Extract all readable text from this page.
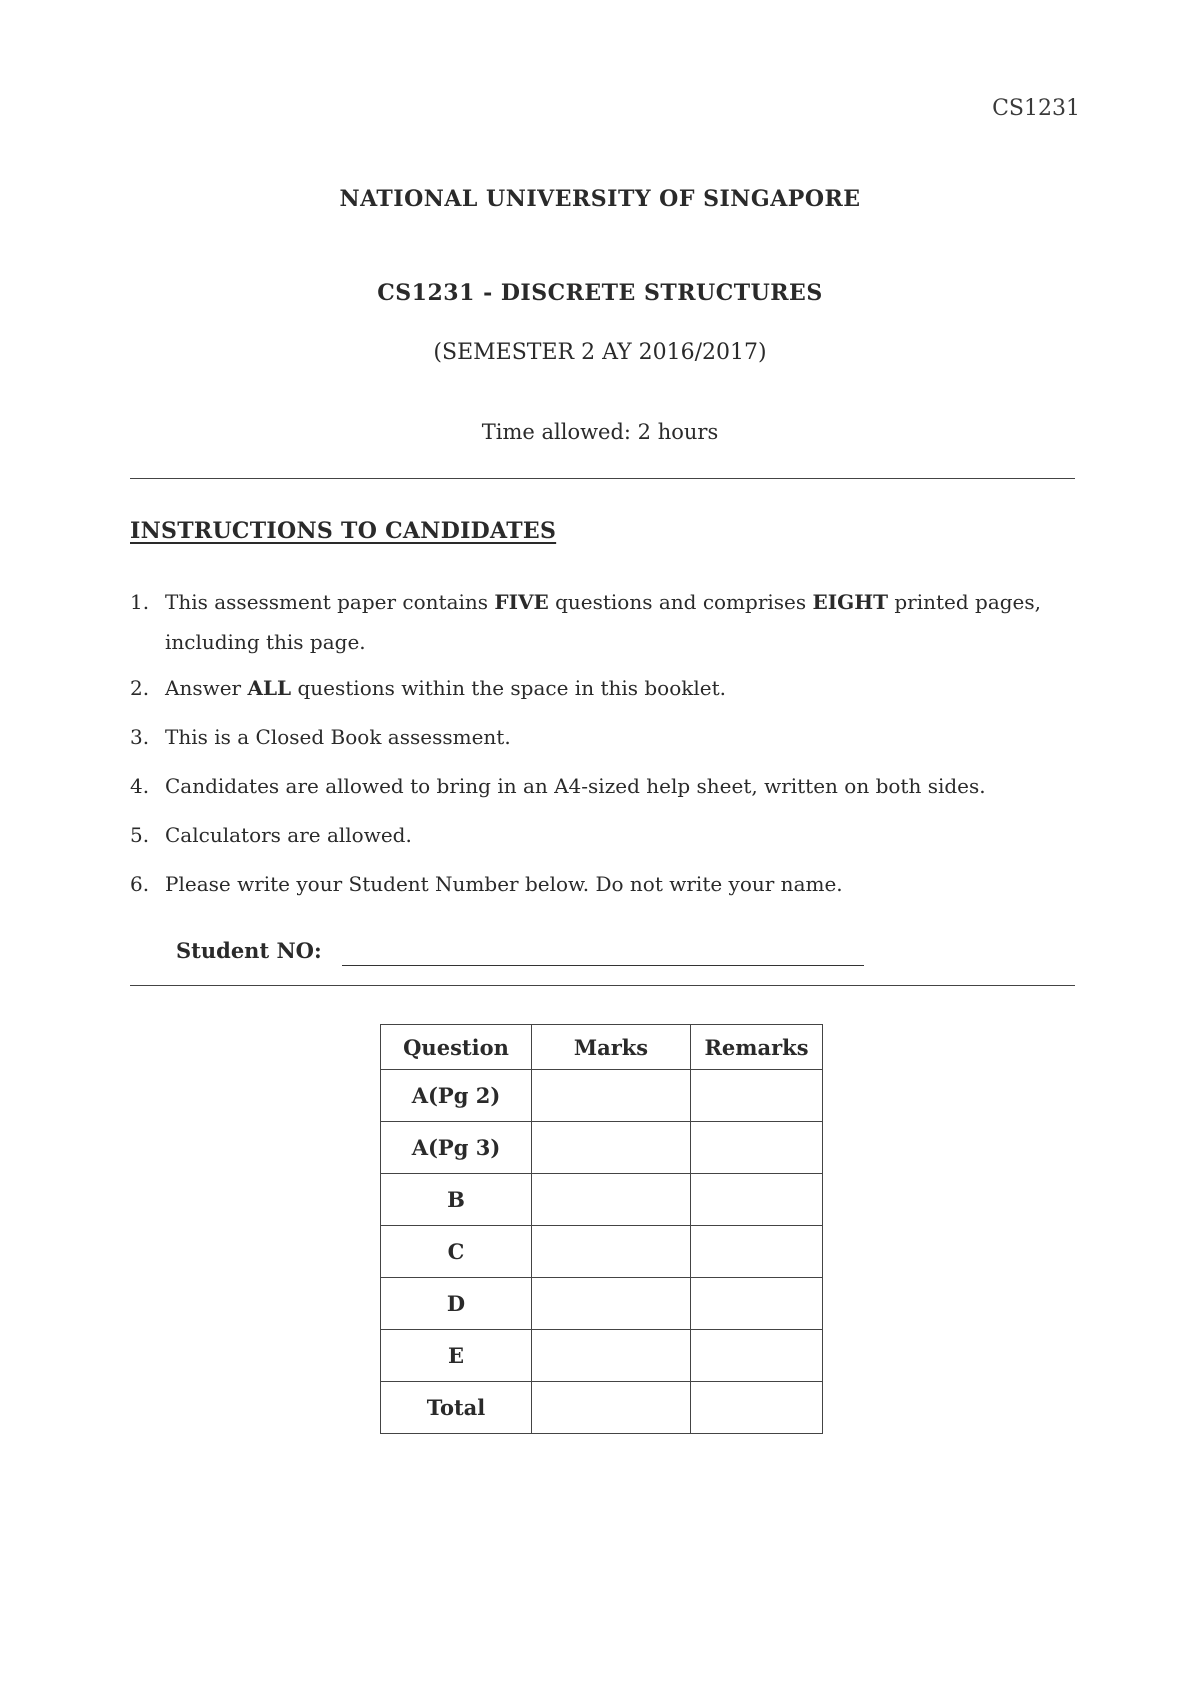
CS1231
NATIONAL UNIVERSITY OF SINGAPORE
CS1231 - DISCRETE STRUCTURES
(SEMESTER 2 AY 2016/2017)
Time allowed: 2 hours
INSTRUCTIONS TO CANDIDATES
1. This assessment paper contains FIVE questions and comprises EIGHT printed pages,
including this page.
2. Answer ALL questions within the space in this booklet.
3. This is a Closed Book assessment.
4. Candidates are allowed to bring in an A4-sized help sheet, written on both sides.
5. Calculators are allowed.
6. Please write your Student Number below. Do not write your name.
Student NO:
Question	Marks	Remarks
A(Pg 2)		
A(Pg 3)		
B		
C		
D		
E		
Total		
